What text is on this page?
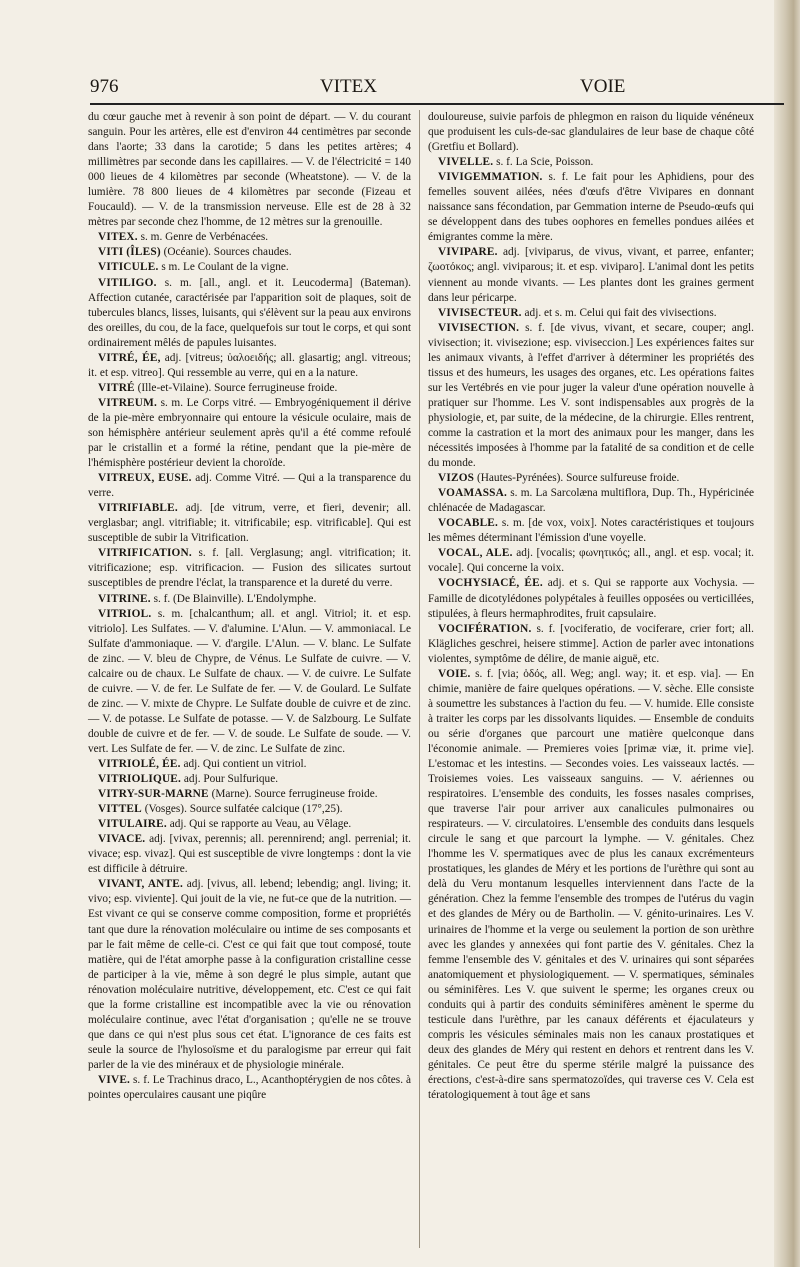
976	VITEX	VOIE

du cœur gauche met à revenir à son point de départ. — V. du courant sanguin. Pour les artères, elle est d'environ 44 centimètres par seconde dans l'aorte; 33 dans la carotide; 5 dans les petites artères; 4 millimètres par seconde dans les capillaires. — V. de l'électricité = 140 000 lieues de 4 kilomètres par seconde (Wheatstone). — V. de la lumière. 78 800 lieues de 4 kilomètres par seconde (Fizeau et Foucauld). — V. de la transmission nerveuse. Elle est de 28 à 32 mètres par seconde chez l'homme, de 12 mètres sur la grenouille.

VITEX. s. m. Genre de Verbénacées.

VITI (ÎLES) (Océanie). Sources chaudes.

VITICULE. s m. Le Coulant de la vigne.

VITILIGO. s. m. [all., angl. et it. Leucoderma] (Bateman). Affection cutanée, caractérisée par l'apparition soit de plaques, soit de tubercules blancs, lisses, luisants, qui s'élèvent sur la peau aux environs des oreilles, du cou, de la face, quelquefois sur tout le corps, et qui sont ordinairement mêlés de papules luisantes.

VITRÉ, ÉE, adj. [vitreus; ὑαλοειδής; all. glasartig; angl. vitreous; it. et esp. vitreo]. Qui ressemble au verre, qui en a la nature.

VITRÉ (Ille-et-Vilaine). Source ferrugineuse froide.

VITREUM. s. m. Le Corps vitré. — Embryogéniquement il dérive de la pie-mère embryonnaire qui entoure la vésicule oculaire, mais de son hémisphère antérieur seulement après qu'il a été comme refoulé par le cristallin et a formé la rétine, pendant que la pie-mère de l'hémisphère postérieur devient la choroïde.

VITREUX, EUSE. adj. Comme Vitré. — Qui a la transparence du verre.

VITRIFIABLE. adj. [de vitrum, verre, et fieri, devenir; all. verglasbar; angl. vitrifiable; it. vitrificabile; esp. vitrificable]. Qui est susceptible de subir la Vitrification.

VITRIFICATION. s. f. [all. Verglasung; angl. vitrification; it. vitrificazione; esp. vitrificacion. — Fusion des silicates surtout susceptibles de prendre l'éclat, la transparence et la dureté du verre.

VITRINE. s. f. (De Blainville). L'Endolymphe.

VITRIOL. s. m. [chalcanthum; all. et angl. Vitriol; it. et esp. vitriolo]. Les Sulfates. — V. d'alumine. L'Alun. — V. ammoniacal. Le Sulfate d'ammoniaque. — V. d'argile. L'Alun. — V. blanc. Le Sulfate de zinc. — V. bleu de Chypre, de Vénus. Le Sulfate de cuivre. — V. calcaire ou de chaux. Le Sulfate de chaux. — V. de cuivre. Le Sulfate de cuivre. — V. de fer. Le Sulfate de fer. — V. de Goulard. Le Sulfate de zinc. — V. mixte de Chypre. Le Sulfate double de cuivre et de zinc. — V. de potasse. Le Sulfate de potasse. — V. de Salzbourg. Le Sulfate double de cuivre et de fer. — V. de soude. Le Sulfate de soude. — V. vert. Les Sulfate de fer. — V. de zinc. Le Sulfate de zinc.

VITRIOLÉ, ÉE. adj. Qui contient un vitriol.

VITRIOLIQUE. adj. Pour Sulfurique.

VITRY-SUR-MARNE (Marne). Source ferrugineuse froide.

VITTEL (Vosges). Source sulfatée calcique (17°,25).

VITULAIRE. adj. Qui se rapporte au Veau, au Vêlage.

VIVACE. adj. [vivax, perennis; all. perennirend; angl. perrenial; it. vivace; esp. vivaz]. Qui est susceptible de vivre longtemps : dont la vie est difficile à détruire.

VIVANT, ANTE. adj. [vivus, all. lebend; lebendig; angl. living; it. vivo; esp. viviente]. Qui jouit de la vie, ne fut-ce que de la nutrition. — Est vivant ce qui se conserve comme composition, forme et propriétés tant que dure la rénovation moléculaire ou intime de ses composants et par le fait même de celle-ci. C'est ce qui fait que tout composé, toute matière, qui de l'état amorphe passe à la configuration cristalline cesse de participer à la vie, même à son degré le plus simple, autant que rénovation moléculaire nutritive, développement, etc. C'est ce qui fait que la forme cristalline est incompatible avec la vie ou rénovation moléculaire continue, avec l'état d'organisation ; qu'elle ne se trouve que dans ce qui n'est plus sous cet état. L'ignorance de ces faits est seule la source de l'hylosoïsme et du paralogisme par erreur qui fait parler de la vie des minéraux et de physiologie minérale.

VIVE. s. f. Le Trachinus draco, L., Acanthoptérygien de nos côtes. à pointes operculaires causant une piqûre

douloureuse, suivie parfois de phlegmon en raison du liquide vénéneux que produisent les culs-de-sac glandulaires de leur base de chaque côté (Gretfiu et Bollard).

VIVELLE. s. f. La Scie, Poisson.

VIVIGEMMATION. s. f. Le fait pour les Aphidiens, pour des femelles souvent ailées, nées d'œufs d'être Vivipares en donnant naissance sans fécondation, par Gemmation interne de Pseudo-œufs qui se développent dans des tubes oophores en femelles pondues ailées et émigrantes comme la mère.

VIVIPARE. adj. [viviparus, de vivus, vivant, et parree, enfanter; ζωοτόκος; angl. viviparous; it. et esp. viviparo]. L'animal dont les petits viennent au monde vivants. — Les plantes dont les graines germent dans leur péricarpe.

VIVISECTEUR. adj. et s. m. Celui qui fait des vivisections.

VIVISECTION. s. f. [de vivus, vivant, et secare, couper; angl. vivisection; it. vivisezione; esp. viviseccion.] Les expériences faites sur les animaux vivants, à l'effet d'arriver à déterminer les propriétés des tissus et des humeurs, les usages des organes, etc. Les opérations faites sur les Vertébrés en vie pour juger la valeur d'une opération nouvelle à pratiquer sur l'homme. Les V. sont indispensables aux progrès de la physiologie, et, par suite, de la médecine, de la chirurgie. Elles rentrent, comme la castration et la mort des animaux pour les manger, dans les nécessités imposées à l'homme par la fatalité de sa condition et de celle du monde.

VIZOS (Hautes-Pyrénées). Source sulfureuse froide.

VOAMASSA. s. m. La Sarcolæna multiflora, Dup. Th., Hypéricinée chlénacée de Madagascar.

VOCABLE. s. m. [de vox, voix]. Notes caractéristiques et toujours les mêmes déterminant l'émission d'une voyelle.

VOCAL, ALE. adj. [vocalis; φωνητικός; all., angl. et esp. vocal; it. vocale]. Qui concerne la voix.

VOCHYSIACÉ, ÉE. adj. et s. Qui se rapporte aux Vochysia. — Famille de dicotylédones polypétales à feuilles opposées ou verticillées, stipulées, à fleurs hermaphrodites, fruit capsulaire.

VOCIFÉRATION. s. f. [vociferatio, de vociferare, crier fort; all. Klägliches geschrei, heisere stimme]. Action de parler avec intonations violentes, symptôme de délire, de manie aiguë, etc.

VOIE. s. f. [via; ὁδός, all. Weg; angl. way; it. et esp. via]. — En chimie, manière de faire quelques opérations. — V. sèche. Elle consiste à soumettre les substances à l'action du feu. — V. humide. Elle consiste à traiter les corps par les dissolvants liquides. — Ensemble de conduits ou série d'organes que parcourt une matière quelconque dans l'économie animale. — Premieres voies [primæ viæ, it. prime vie]. L'estomac et les intestins. — Secondes voies. Les vaisseaux lactés. — Troisiemes voies. Les vaisseaux sanguins. — V. aériennes ou respiratoires. L'ensemble des conduits, les fosses nasales comprises, que traverse l'air pour arriver aux canalicules pulmonaires ou respirateurs. — V. circulatoires. L'ensemble des conduits dans lesquels circule le sang et que parcourt la lymphe. — V. génitales. Chez l'homme les V. spermatiques avec de plus les canaux excrémenteurs prostatiques, les glandes de Méry et les portions de l'urèthre qui sont au delà du Veru montanum lesquelles interviennent dans l'acte de la génération. Chez la femme l'ensemble des trompes de l'utérus du vagin et des glandes de Méry ou de Bartholin. — V. génito-urinaires. Les V. urinaires de l'homme et la verge ou seulement la portion de son urèthre avec les glandes y annexées qui font partie des V. génitales. Chez la femme l'ensemble des V. génitales et des V. urinaires qui sont séparées anatomiquement et physiologiquement. — V. spermatiques, séminales ou séminifères. Les V. que suivent le sperme; les organes creux ou conduits qui à partir des conduits séminifères amènent le sperme du testicule dans l'urèthre, par les canaux déférents et éjaculateurs y compris les vésicules séminales mais non les canaux prostatiques et deux des glandes de Méry qui restent en dehors et rentrent dans les V. génitales. Ce peut être du sperme stérile malgré la puissance des érections, c'est-à-dire sans spermatozoïdes, qui traverse ces V. Cela est tératologiquement à tout âge et sans
